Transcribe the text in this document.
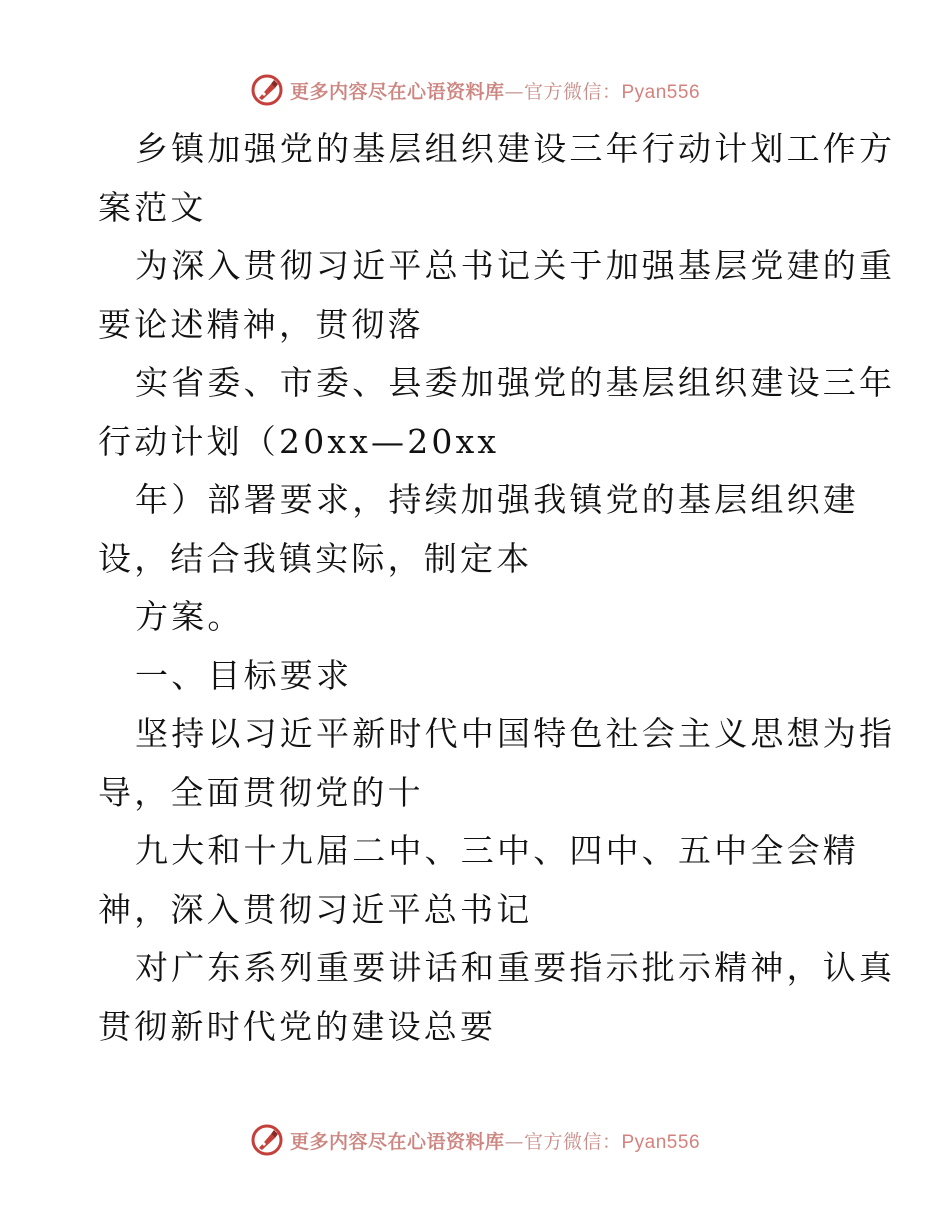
更多内容尽在心语资料库—官方微信：Pyan556
乡镇加强党的基层组织建设三年行动计划工作方
案范文
为深入贯彻习近平总书记关于加强基层党建的重
要论述精神，贯彻落
实省委、市委、县委加强党的基层组织建设三年
行动计划（20xx—20xx
年）部署要求，持续加强我镇党的基层组织建
设，结合我镇实际，制定本
方案。
一、目标要求
坚持以习近平新时代中国特色社会主义思想为指
导，全面贯彻党的十
九大和十九届二中、三中、四中、五中全会精
神，深入贯彻习近平总书记
对广东系列重要讲话和重要指示批示精神，认真
贯彻新时代党的建设总要
更多内容尽在心语资料库—官方微信：Pyan556
